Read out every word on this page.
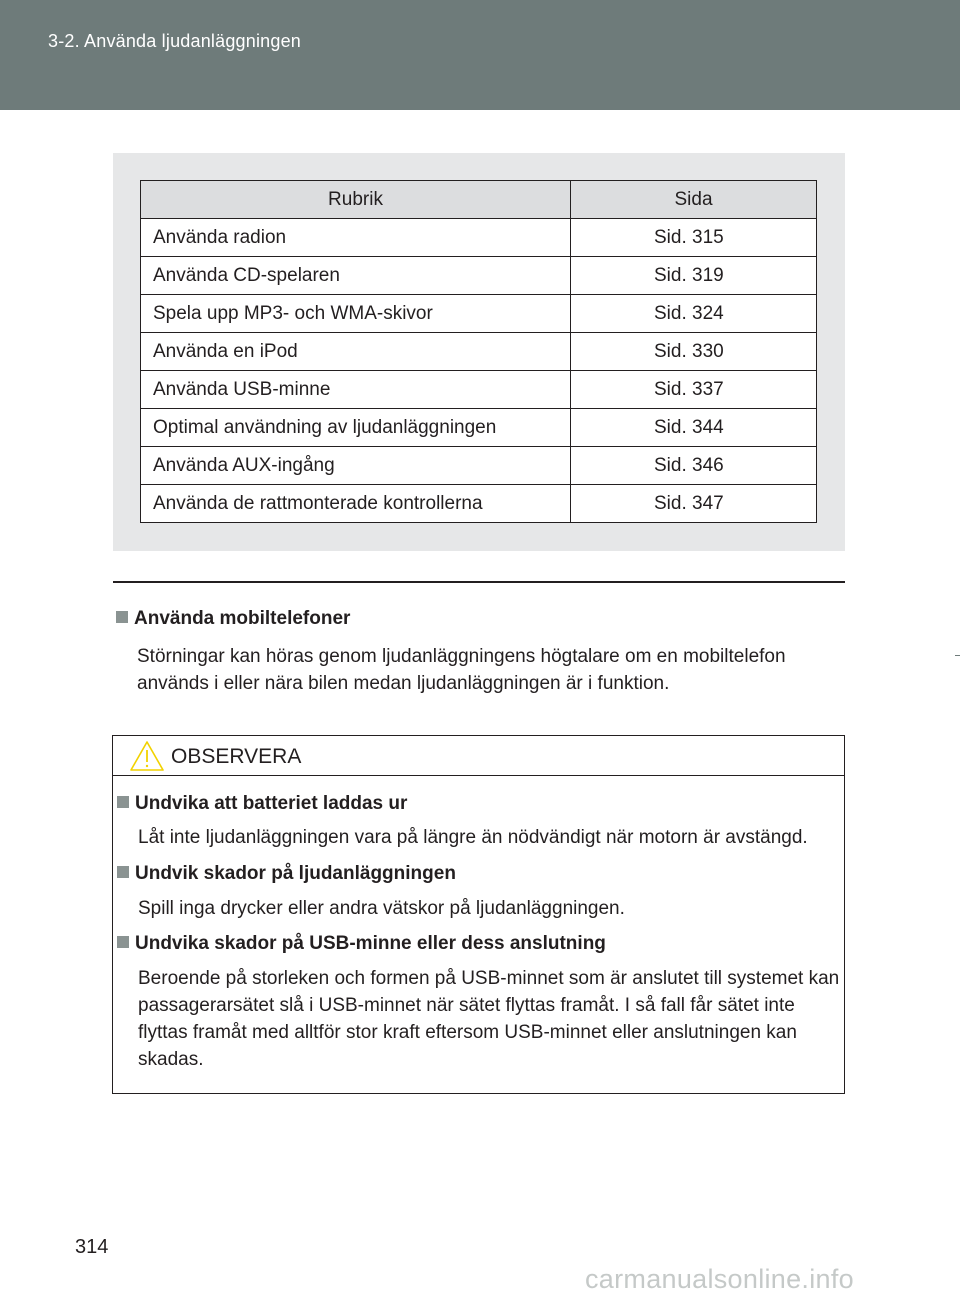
3-2. Använda ljudanläggningen
Rubrik	Sida
Använda radion	Sid. 315
Använda CD-spelaren	Sid. 319
Spela upp MP3- och WMA-skivor	Sid. 324
Använda en iPod	Sid. 330
Använda USB-minne	Sid. 337
Optimal användning av ljudanläggningen	Sid. 344
Använda AUX-ingång	Sid. 346
Använda de rattmonterade kontrollerna	Sid. 347
Använda mobiltelefoner
Störningar kan höras genom ljudanläggningens högtalare om en mobiltelefon används i eller nära bilen medan ljudanläggningen är i funktion.
OBSERVERA
Undvika att batteriet laddas ur
Låt inte ljudanläggningen vara på längre än nödvändigt när motorn är avstängd.
Undvik skador på ljudanläggningen
Spill inga drycker eller andra vätskor på ljudanläggningen.
Undvika skador på USB-minne eller dess anslutning
Beroende på storleken och formen på USB-minnet som är anslutet till systemet kan passagerarsätet slå i USB-minnet när sätet flyttas framåt. I så fall får sätet inte flyttas framåt med alltför stor kraft eftersom USB-minnet eller anslutningen kan skadas.
314
carmanualsonline.info
